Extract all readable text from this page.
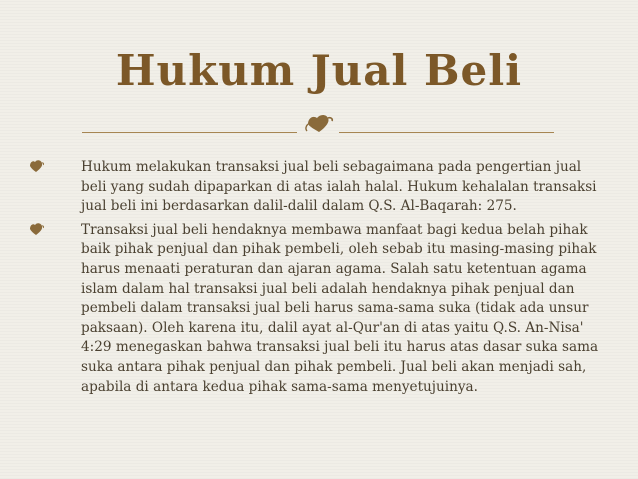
Hukum Jual Beli
Hukum melakukan transaksi jual beli sebagaimana pada pengertian jual beli yang sudah dipaparkan di atas ialah halal. Hukum kehalalan transaksi jual beli ini berdasarkan dalil-dalil dalam Q.S. Al-Baqarah: 275.
Transaksi jual beli hendaknya membawa manfaat bagi kedua belah pihak baik pihak penjual dan pihak pembeli, oleh sebab itu masing-masing pihak harus menaati peraturan dan ajaran agama. Salah satu ketentuan agama islam dalam hal transaksi jual beli adalah hendaknya pihak penjual dan pembeli dalam transaksi jual beli harus sama-sama suka (tidak ada unsur paksaan). Oleh karena itu, dalil ayat al-Qur'an di atas yaitu Q.S. An-Nisa' 4:29 menegaskan bahwa transaksi jual beli itu harus atas dasar suka sama suka antara pihak penjual dan pihak pembeli. Jual beli akan menjadi sah, apabila di antara kedua pihak sama-sama menyetujuinya.
